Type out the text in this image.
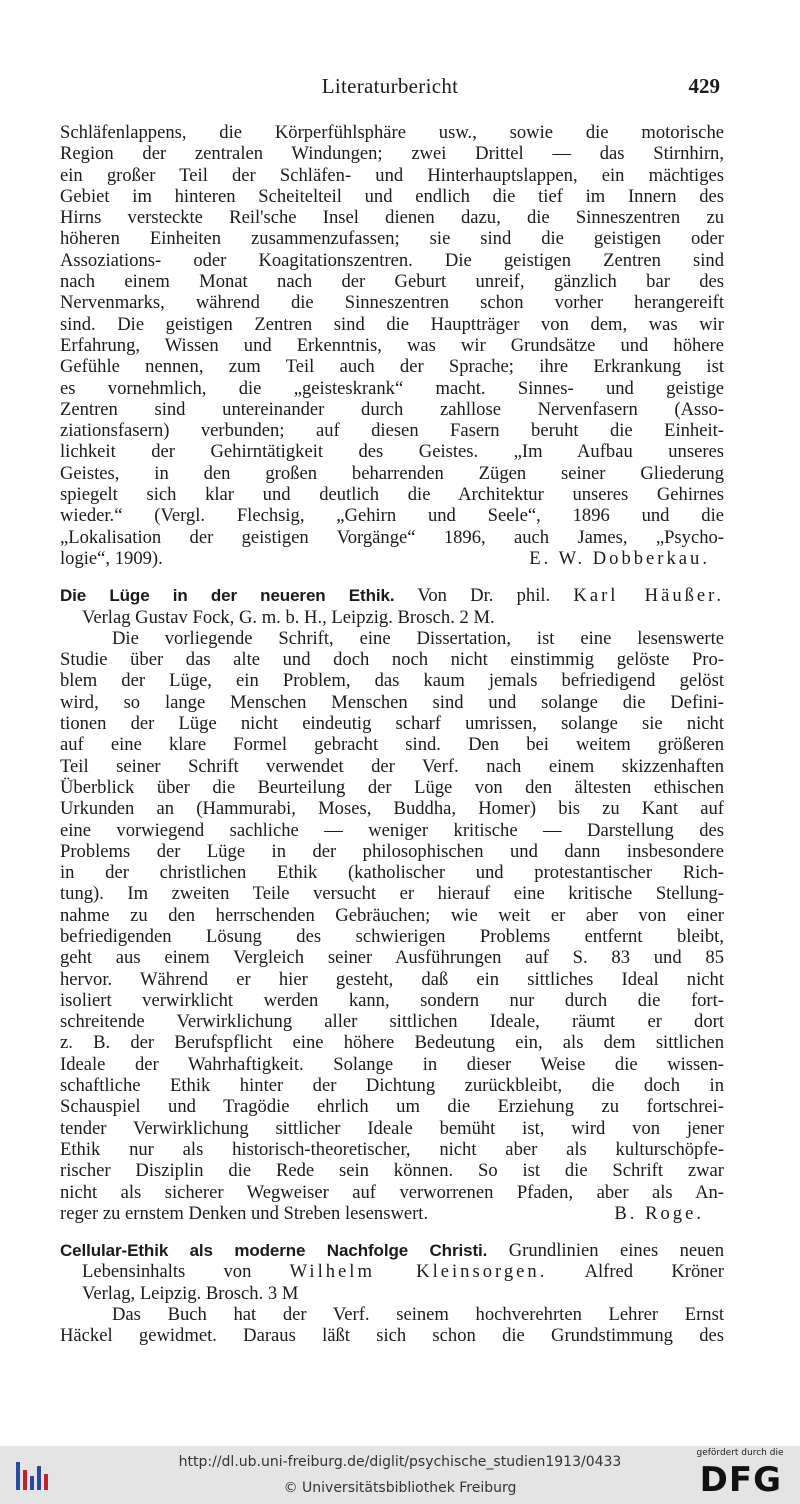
Literaturbericht	429
Schläfenlappens, die Körperfühlsphäre usw., sowie die motorische
Region der zentralen Windungen; zwei Drittel — das Stirnhirn,
ein großer Teil der Schläfen- und Hinterhauptslappen, ein mächtiges
Gebiet im hinteren Scheitelteil und endlich die tief im Innern des
Hirns versteckte Reil'sche Insel dienen dazu, die Sinneszentren zu
höheren Einheiten zusammenzufassen; sie sind die geistigen oder
Assoziations- oder Koagitationszentren. Die geistigen Zentren sind
nach einem Monat nach der Geburt unreif, gänzlich bar des
Nervenmarks, während die Sinneszentren schon vorher herangereift
sind. Die geistigen Zentren sind die Hauptträger von dem, was wir
Erfahrung, Wissen und Erkenntnis, was wir Grundsätze und höhere
Gefühle nennen, zum Teil auch der Sprache; ihre Erkrankung ist
es vornehmlich, die „geisteskrank“ macht. Sinnes- und geistige
Zentren sind untereinander durch zahllose Nervenfasern (Asso-
ziationsfasern) verbunden; auf diesen Fasern beruht die Einheit-
lichkeit der Gehirntätigkeit des Geistes. „Im Aufbau unseres
Geistes, in den großen beharrenden Zügen seiner Gliederung
spiegelt sich klar und deutlich die Architektur unseres Gehirnes
wieder.“ (Vergl. Flechsig, „Gehirn und Seele“, 1896 und die
„Lokalisation der geistigen Vorgänge“ 1896, auch James, „Psycho-
logie“, 1909).	E. W. Dobberkau.
Die Lüge in der neueren Ethik. Von Dr. phil. Karl Häußer.
Verlag Gustav Fock, G. m. b. H., Leipzig. Brosch. 2 M.
Die vorliegende Schrift, eine Dissertation, ist eine lesenswerte
Studie über das alte und doch noch nicht einstimmig gelöste Pro-
blem der Lüge, ein Problem, das kaum jemals befriedigend gelöst
wird, so lange Menschen Menschen sind und solange die Defini-
tionen der Lüge nicht eindeutig scharf umrissen, solange sie nicht
auf eine klare Formel gebracht sind. Den bei weitem größeren
Teil seiner Schrift verwendet der Verf. nach einem skizzenhaften
Überblick über die Beurteilung der Lüge von den ältesten ethischen
Urkunden an (Hammurabi, Moses, Buddha, Homer) bis zu Kant auf
eine vorwiegend sachliche — weniger kritische — Darstellung des
Problems der Lüge in der philosophischen und dann insbesondere
in der christlichen Ethik (katholischer und protestantischer Rich-
tung). Im zweiten Teile versucht er hierauf eine kritische Stellung-
nahme zu den herrschenden Gebräuchen; wie weit er aber von einer
befriedigenden Lösung des schwierigen Problems entfernt bleibt,
geht aus einem Vergleich seiner Ausführungen auf S. 83 und 85
hervor. Während er hier gesteht, daß ein sittliches Ideal nicht
isoliert verwirklicht werden kann, sondern nur durch die fort-
schreitende Verwirklichung aller sittlichen Ideale, räumt er dort
z. B. der Berufspflicht eine höhere Bedeutung ein, als dem sittlichen
Ideale der Wahrhaftigkeit. Solange in dieser Weise die wissen-
schaftliche Ethik hinter der Dichtung zurückbleibt, die doch in
Schauspiel und Tragödie ehrlich um die Erziehung zu fortschrei-
tender Verwirklichung sittlicher Ideale bemüht ist, wird von jener
Ethik nur als historisch-theoretischer, nicht aber als kulturschöpfe-
rischer Disziplin die Rede sein können. So ist die Schrift zwar
nicht als sicherer Wegweiser auf verworrenen Pfaden, aber als An-
reger zu ernstem Denken und Streben lesenswert.	B. Roge.
Cellular-Ethik als moderne Nachfolge Christi. Grundlinien eines neuen
Lebensinhalts von Wilhelm Kleinsorgen. Alfred Kröner
Verlag, Leipzig. Brosch. 3 M
Das Buch hat der Verf. seinem hochverehrten Lehrer Ernst
Häckel gewidmet. Daraus läßt sich schon die Grundstimmung des
http://dl.ub.uni-freiburg.de/diglit/psychische_studien1913/0433
© Universitätsbibliothek Freiburg
gefördert durch die
DFG
